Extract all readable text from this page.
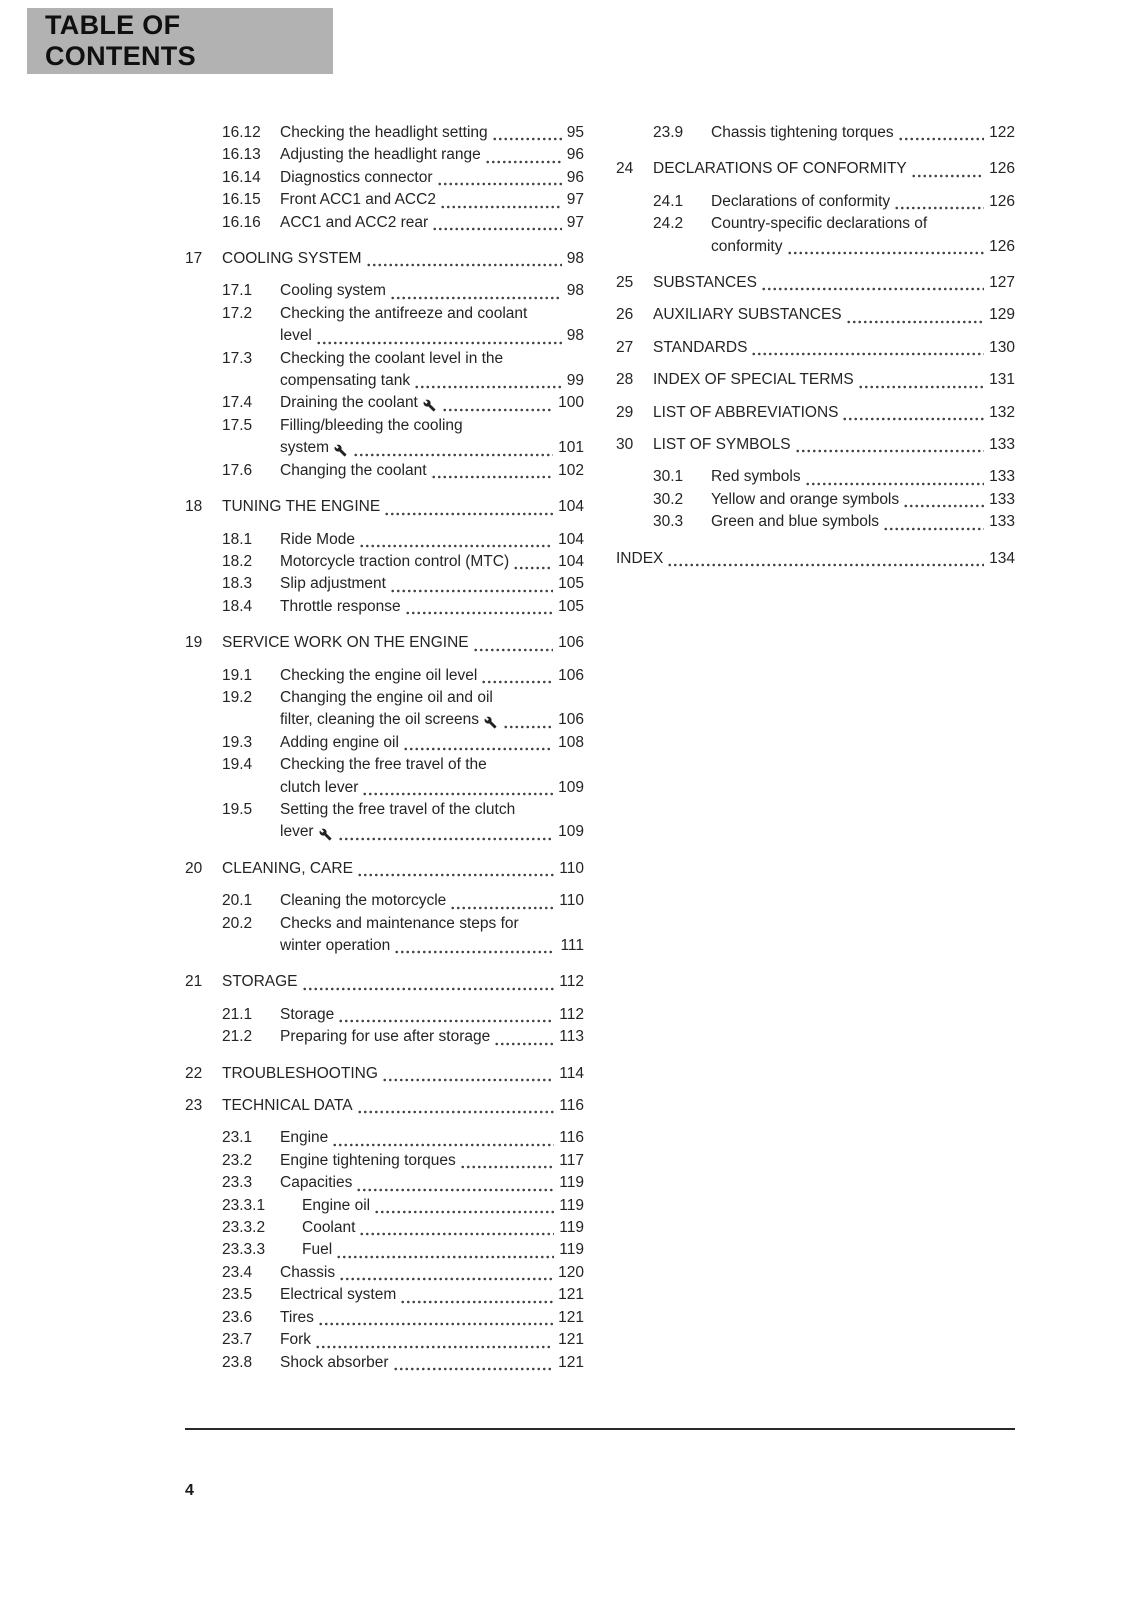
TABLE OF CONTENTS
16.12	Checking the headlight setting	95
16.13	Adjusting the headlight range	96
16.14	Diagnostics connector	96
16.15	Front ACC1 and ACC2	97
16.16	ACC1 and ACC2 rear	97
17	COOLING SYSTEM	98
17.1	Cooling system	98
17.2	Checking the antifreeze and coolant
level	98
17.3	Checking the coolant level in the
compensating tank	99
17.4	Draining the coolant	100
17.5	Filling/bleeding the cooling
system	101
17.6	Changing the coolant	102
18	TUNING THE ENGINE	104
18.1	Ride Mode	104
18.2	Motorcycle traction control (MTC)	104
18.3	Slip adjustment	105
18.4	Throttle response	105
19	SERVICE WORK ON THE ENGINE	106
19.1	Checking the engine oil level	106
19.2	Changing the engine oil and oil
filter, cleaning the oil screens	106
19.3	Adding engine oil	108
19.4	Checking the free travel of the
clutch lever	109
19.5	Setting the free travel of the clutch
lever	109
20	CLEANING, CARE	110
20.1	Cleaning the motorcycle	110
20.2	Checks and maintenance steps for
winter operation	111
21	STORAGE	112
21.1	Storage	112
21.2	Preparing for use after storage	113
22	TROUBLESHOOTING	114
23	TECHNICAL DATA	116
23.1	Engine	116
23.2	Engine tightening torques	117
23.3	Capacities	119
23.3.1	Engine oil	119
23.3.2	Coolant	119
23.3.3	Fuel	119
23.4	Chassis	120
23.5	Electrical system	121
23.6	Tires	121
23.7	Fork	121
23.8	Shock absorber	121
23.9	Chassis tightening torques	122
24	DECLARATIONS OF CONFORMITY	126
24.1	Declarations of conformity	126
24.2	Country-specific declarations of
conformity	126
25	SUBSTANCES	127
26	AUXILIARY SUBSTANCES	129
27	STANDARDS	130
28	INDEX OF SPECIAL TERMS	131
29	LIST OF ABBREVIATIONS	132
30	LIST OF SYMBOLS	133
30.1	Red symbols	133
30.2	Yellow and orange symbols	133
30.3	Green and blue symbols	133
INDEX	134
4
